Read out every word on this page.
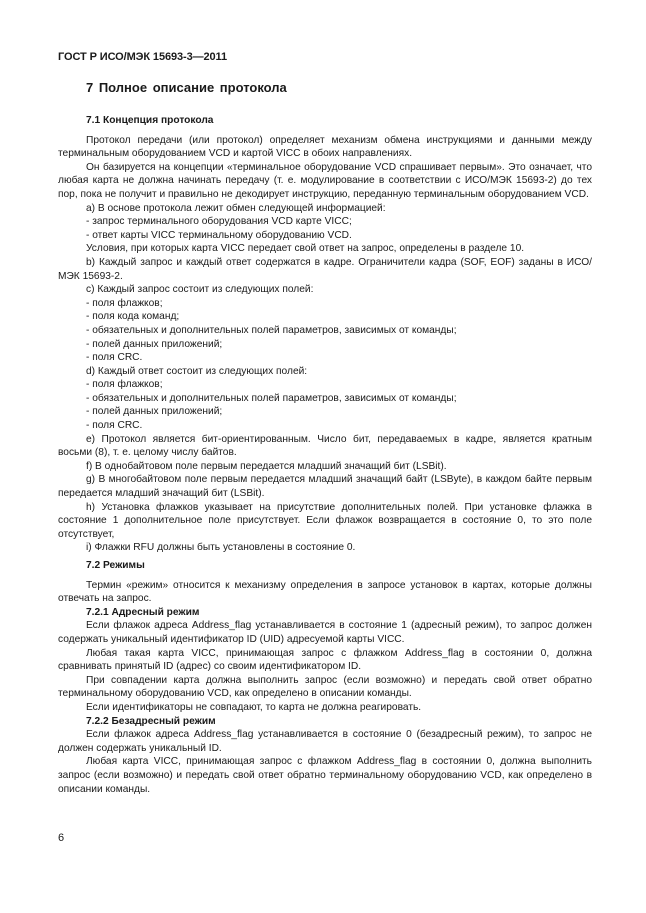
ГОСТ Р ИСО/МЭК 15693-3—2011
7 Полное описание протокола

7.1 Концепция протокола

Протокол передачи (или протокол) определяет механизм обмена инструкциями и данными между терминальным оборудованием VCD и картой VICC в обоих направлениях.

Он базируется на концепции «терминальное оборудование VCD спрашивает первым». Это означает, что любая карта не должна начинать передачу (т. е. модулирование в соответствии с ИСО/МЭК 15693-2) до тех пор, пока не получит и правильно не декодирует инструкцию, переданную терминальным оборудованием VCD.

a) В основе протокола лежит обмен следующей информацией:

- запрос терминального оборудования VCD карте VICC;

- ответ карты VICC терминальному оборудованию VCD.

Условия, при которых карта VICC передает свой ответ на запрос, определены в разделе 10.

b) Каждый запрос и каждый ответ содержатся в кадре. Ограничители кадра (SOF, EOF) заданы в ИСО/МЭК 15693-2.

c) Каждый запрос состоит из следующих полей:

- поля флажков;

- поля кода команд;

- обязательных и дополнительных полей параметров, зависимых от команды;

- полей данных приложений;

- поля CRC.

d) Каждый ответ состоит из следующих полей:

- поля флажков;

- обязательных и дополнительных полей параметров, зависимых от команды;

- полей данных приложений;

- поля CRC.

e) Протокол является бит-ориентированным. Число бит, передаваемых в кадре, является кратным восьми (8), т. е. целому числу байтов.

f) В однобайтовом поле первым передается младший значащий бит (LSBit).

g) В многобайтовом поле первым передается младший значащий байт (LSByte), в каждом байте первым передается младший значащий бит (LSBit).

h) Установка флажков указывает на присутствие дополнительных полей. При установке флажка в состояние 1 дополнительное поле присутствует. Если флажок возвращается в состояние 0, то это поле отсутствует,

i) Флажки RFU должны быть установлены в состояние 0.

7.2 Режимы

Термин «режим» относится к механизму определения в запросе установок в картах, которые должны отвечать на запрос.

7.2.1 Адресный режим

Если флажок адреса Address_flag устанавливается в состояние 1 (адресный режим), то запрос должен содержать уникальный идентификатор ID (UID) адресуемой карты VICC.

Любая такая карта VICC, принимающая запрос с флажком Address_flag в состоянии 0, должна сравнивать принятый ID (адрес) со своим идентификатором ID.

При совпадении карта должна выполнить запрос (если возможно) и передать свой ответ обратно терминальному оборудованию VCD, как определено в описании команды.

Если идентификаторы не совпадают, то карта не должна реагировать.

7.2.2 Безадресный режим

Если флажок адреса Address_flag устанавливается в состояние 0 (безадресный режим), то запрос не должен содержать уникальный ID.

Любая карта VICC, принимающая запрос с флажком Address_flag в состоянии 0, должна выполнить запрос (если возможно) и передать свой ответ обратно терминальному оборудованию VCD, как определено в описании команды.

6
